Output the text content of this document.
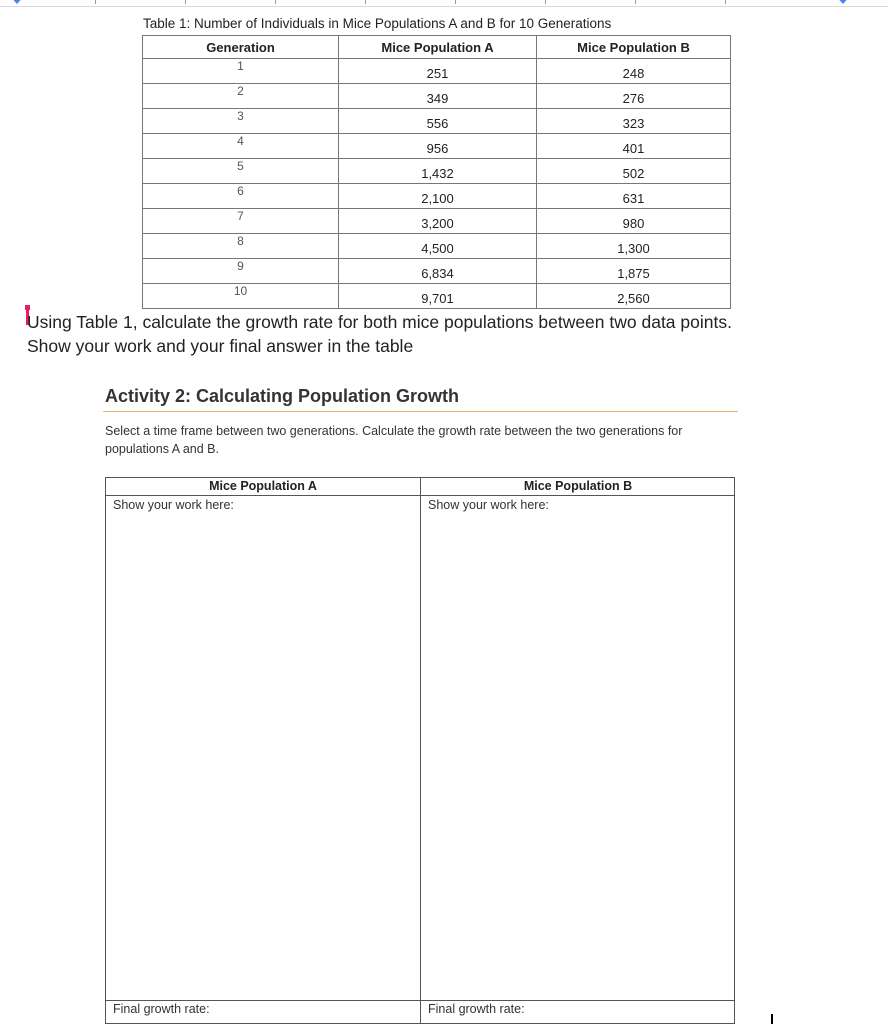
Table 1: Number of Individuals in Mice Populations A and B for 10 Generations
Generation	Mice Population A	Mice Population B
1	251	248
2	349	276
3	556	323
4	956	401
5	1,432	502
6	2,100	631
7	3,200	980
8	4,500	1,300
9	6,834	1,875
10	9,701	2,560
Using Table 1, calculate the growth rate for both mice populations between two data points.
Show your work and your final answer in the table
Activity 2: Calculating Population Growth
Select a time frame between two generations. Calculate the growth rate between the two generations for populations A and B.
Mice Population A	Mice Population B
Show your work here:	Show your work here:
Final growth rate:	Final growth rate:
